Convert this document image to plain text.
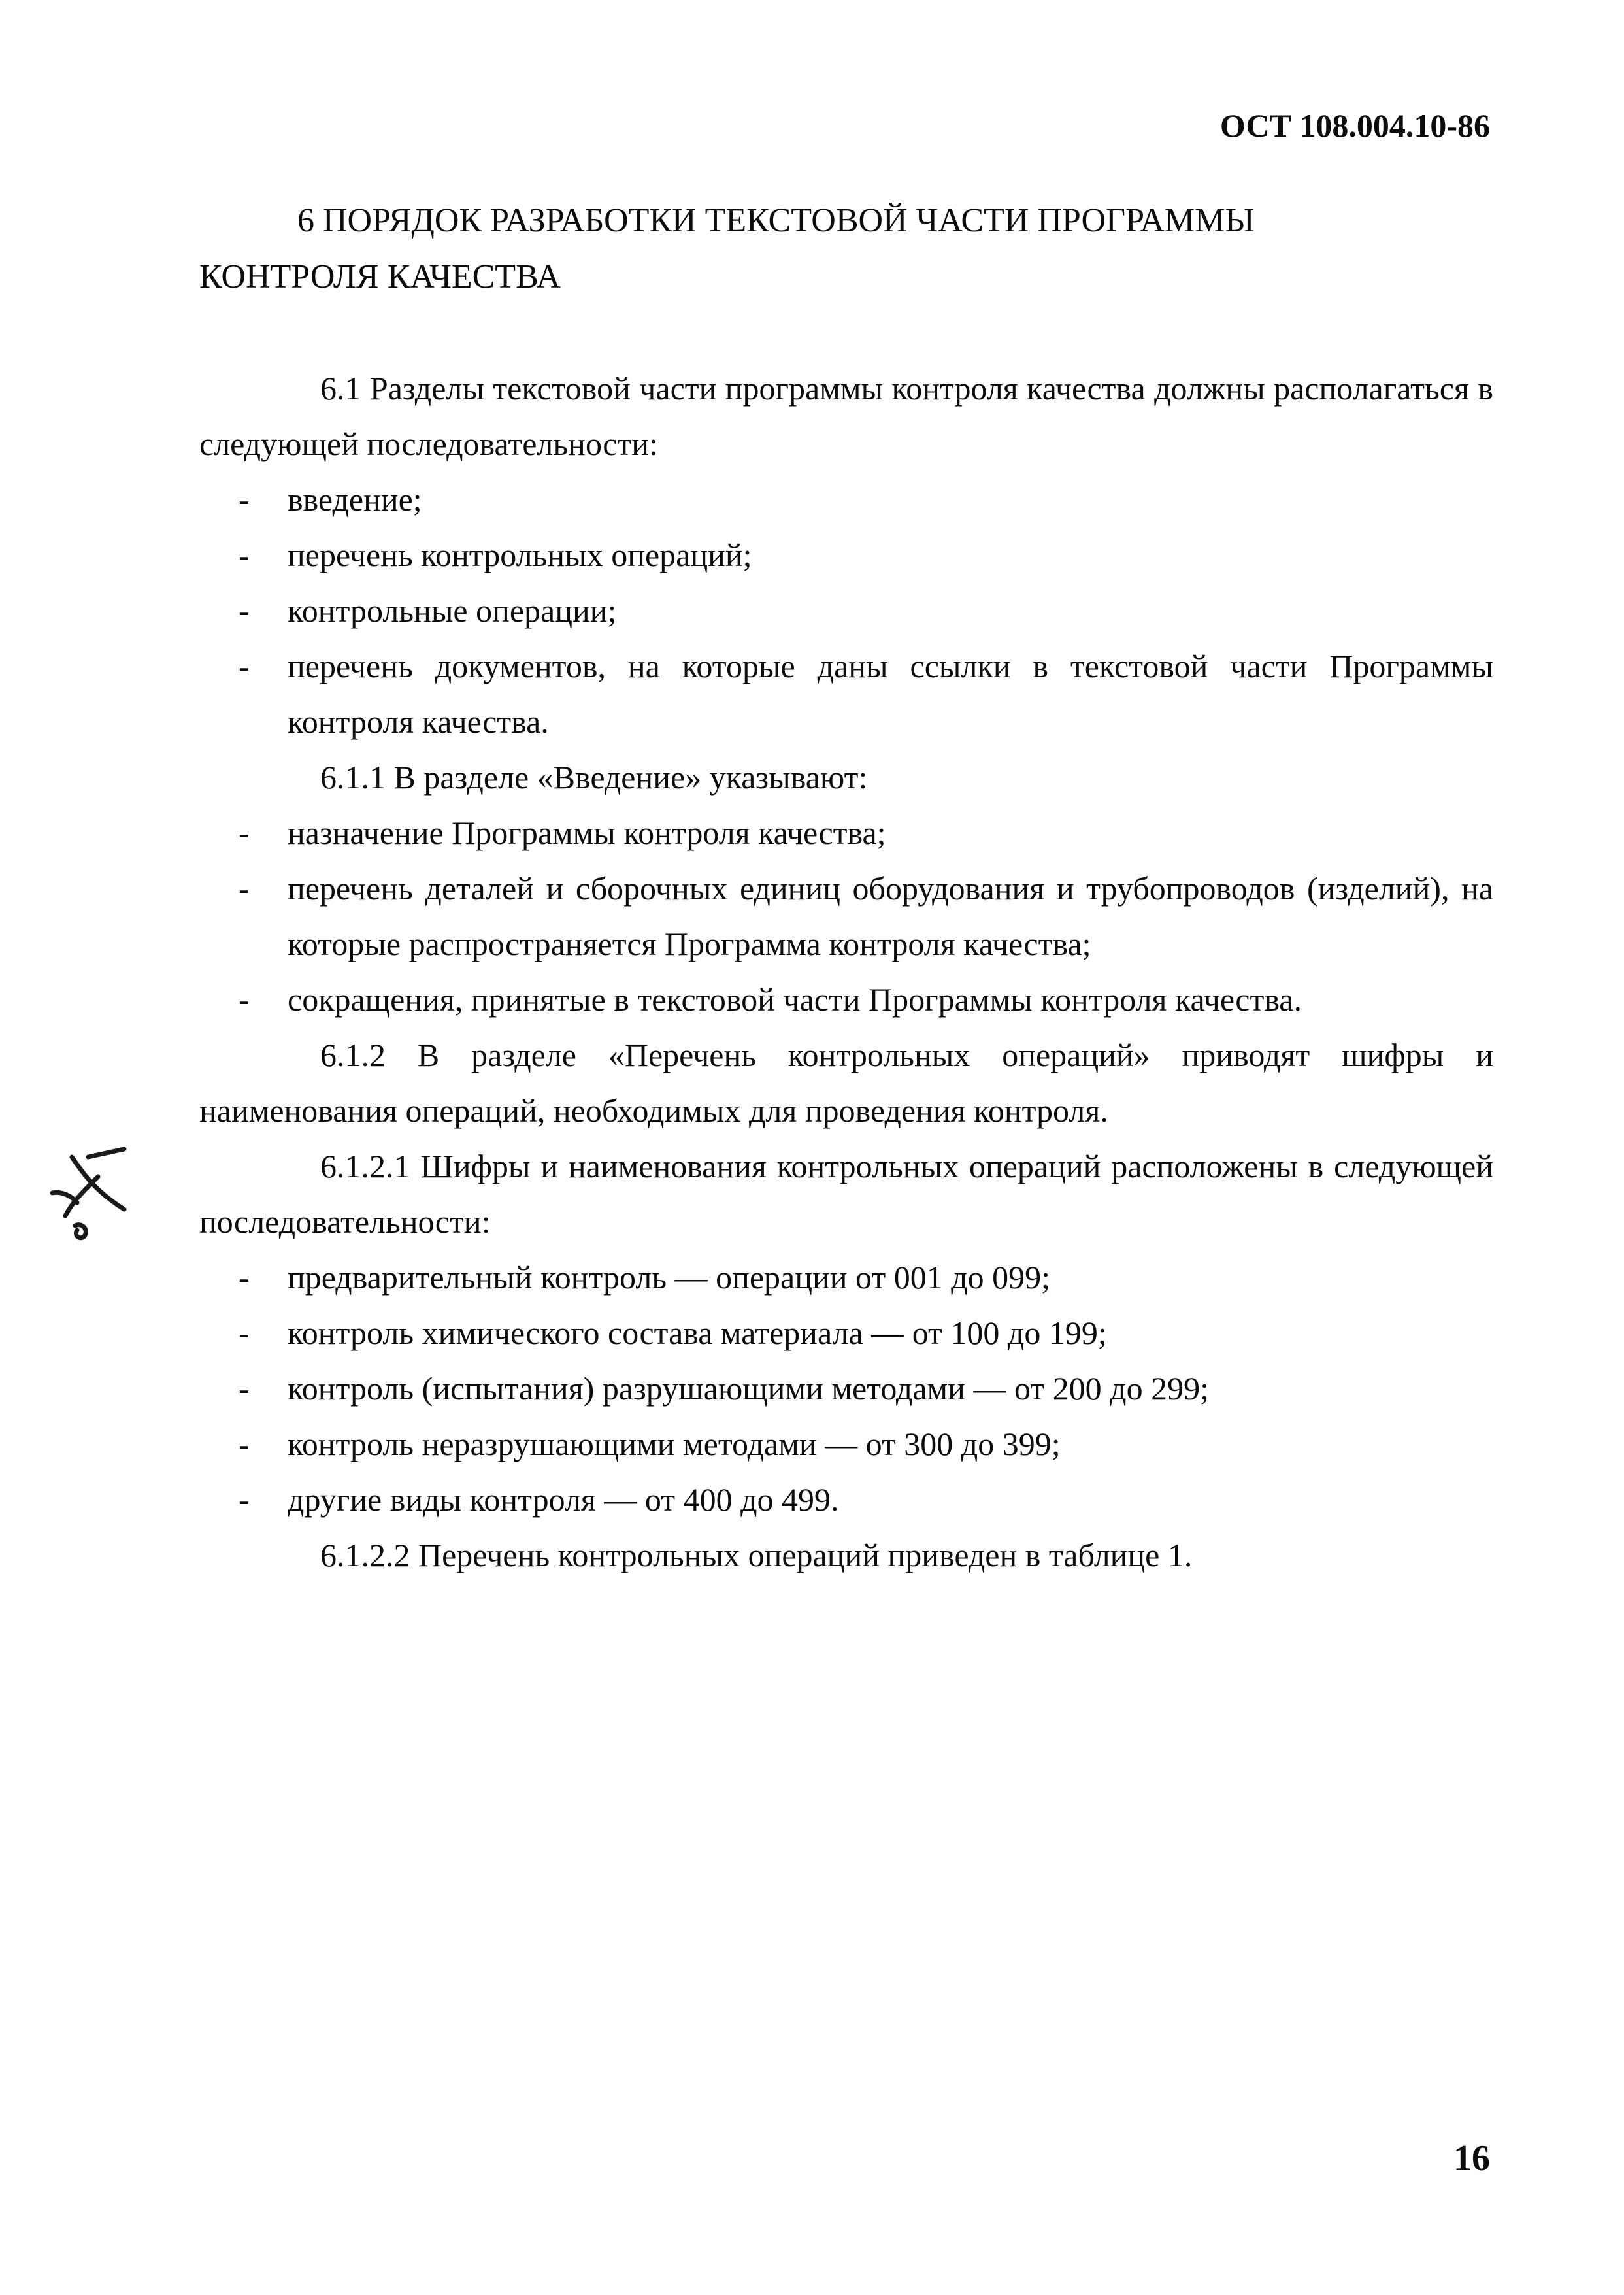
ОСТ 108.004.10-86
6 ПОРЯДОК РАЗРАБОТКИ ТЕКСТОВОЙ ЧАСТИ ПРОГРАММЫ КОНТРОЛЯ КАЧЕСТВА

6.1 Разделы текстовой части программы контроля качества должны располагаться в следующей последовательности:

- введение;

- перечень контрольных операций;

- контрольные операции;

- перечень документов, на которые даны ссылки в текстовой части Программы контроля качества.

6.1.1 В разделе «Введение» указывают:

- назначение Программы контроля качества;

- перечень деталей и сборочных единиц оборудования и трубопроводов (изделий), на которые распространяется Программа контроля качества;

- сокращения, принятые в текстовой части Программы контроля качества.

6.1.2 В разделе «Перечень контрольных операций» приводят шифры и наименования операций, необходимых для проведения контроля.

6.1.2.1 Шифры и наименования контрольных операций расположены в следующей последовательности:

- предварительный контроль — операции от 001 до 099;

- контроль химического состава материала — от 100 до 199;

- контроль (испытания) разрушающими методами — от 200 до 299;

- контроль неразрушающими методами — от 300 до 399;

- другие виды контроля — от 400 до 499.

6.1.2.2 Перечень контрольных операций приведен в таблице 1.

16
